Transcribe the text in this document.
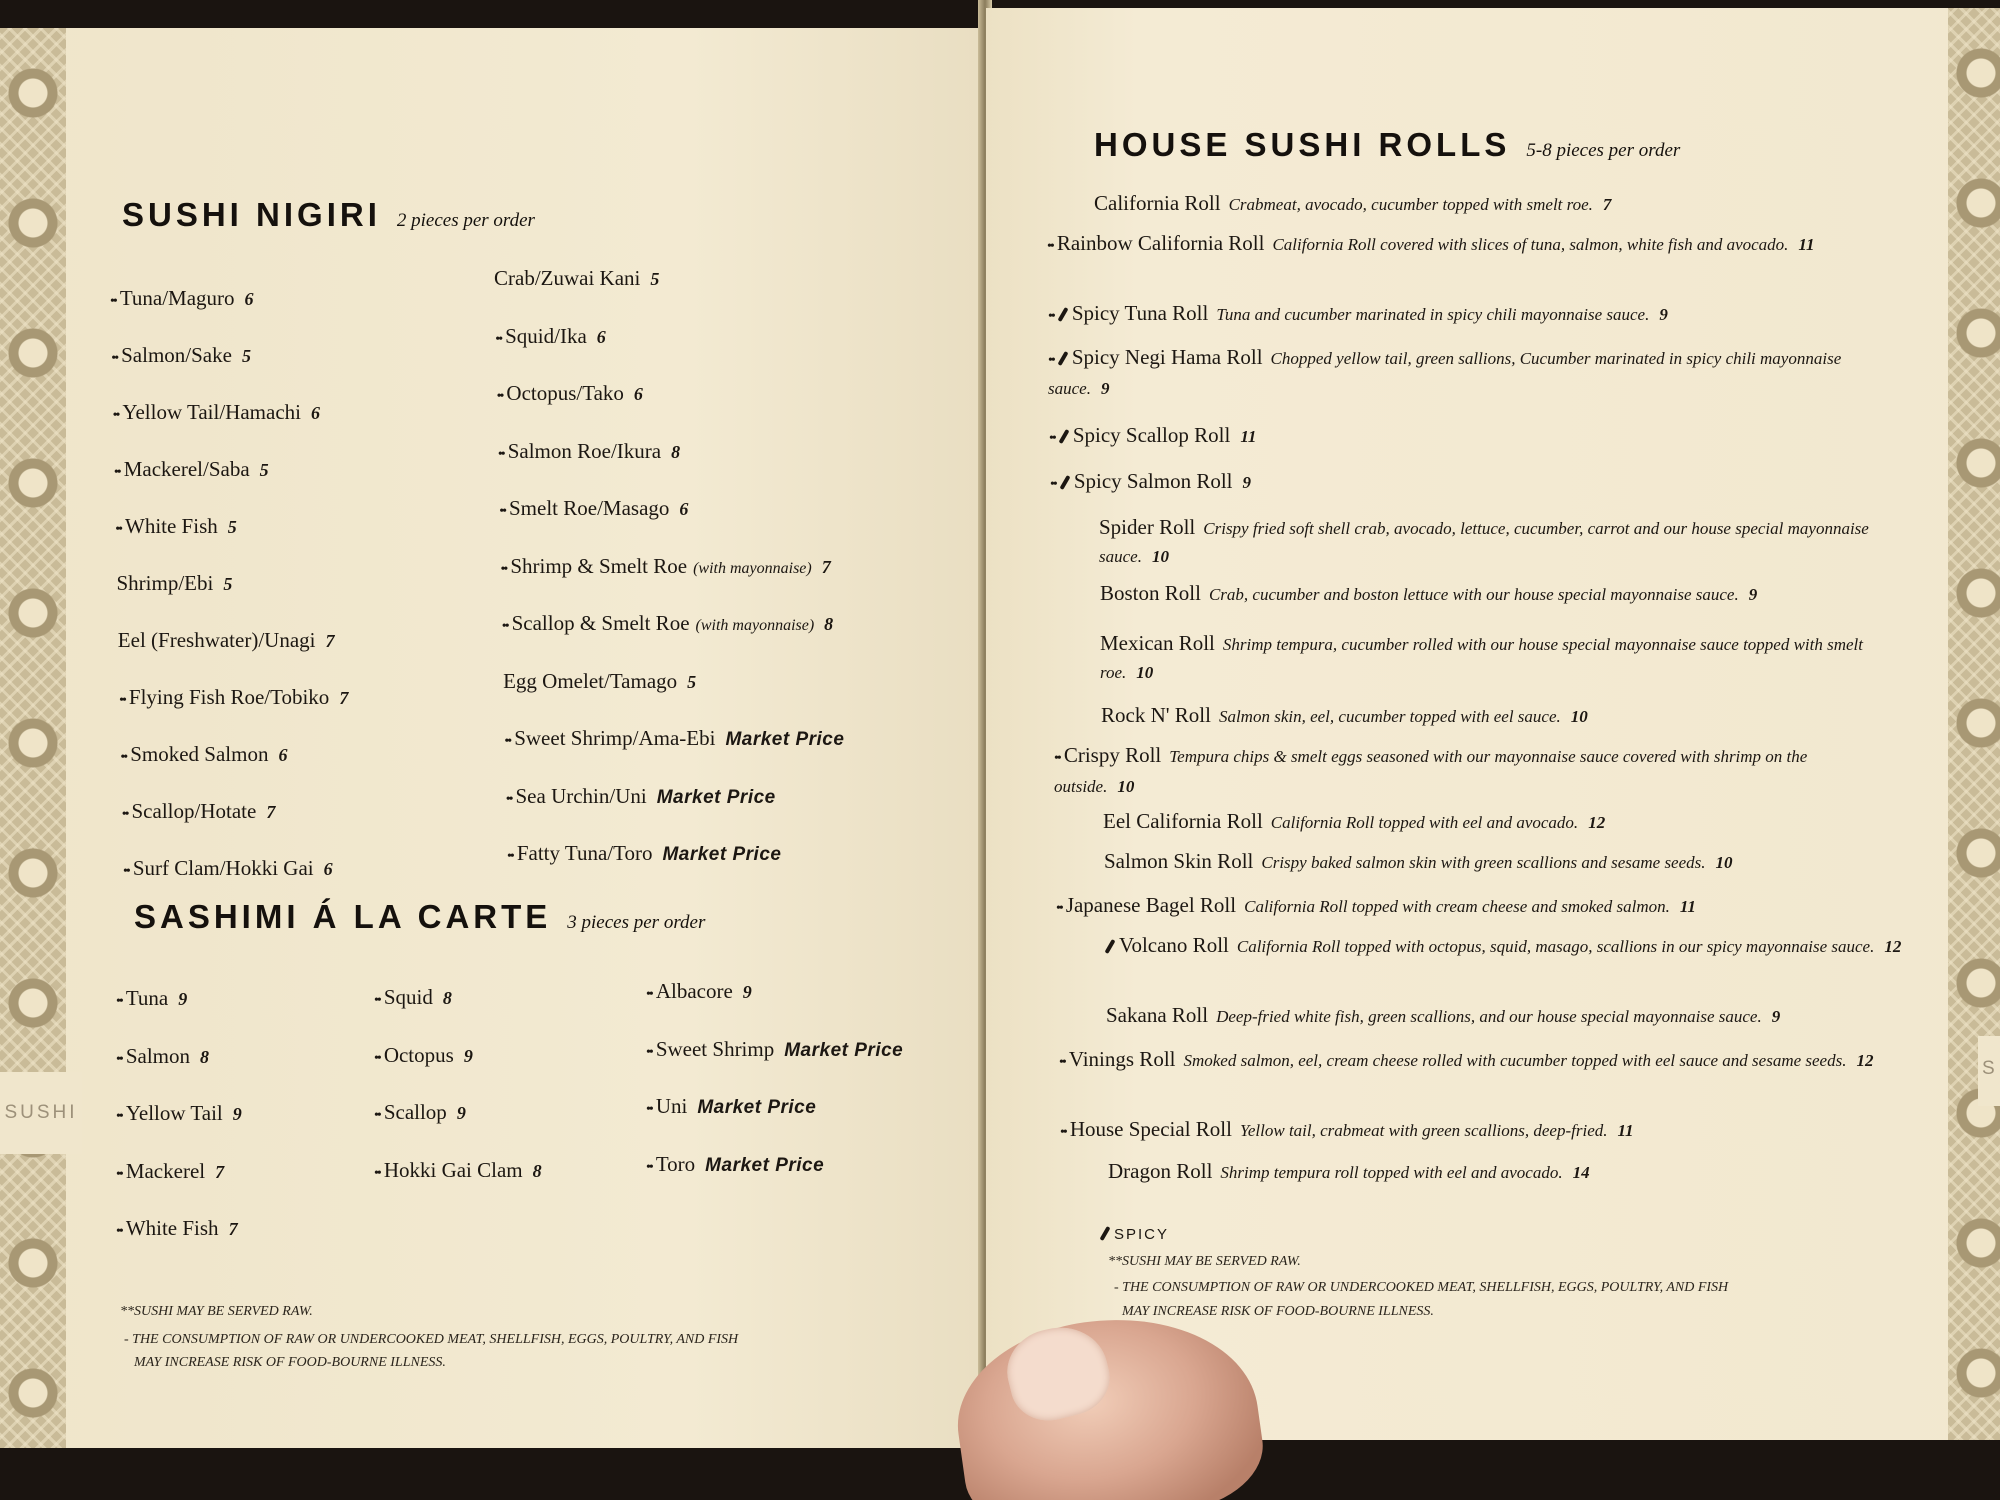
SUSHI
SUSHI NIGIRI 2 pieces per order
•• Tuna/Maguro 6
•• Salmon/Sake 5
•• Yellow Tail/Hamachi 6
•• Mackerel/Saba 5
•• White Fish 5
Shrimp/Ebi 5
Eel (Freshwater)/Unagi 7
•• Flying Fish Roe/Tobiko 7
•• Smoked Salmon 6
•• Scallop/Hotate 7
•• Surf Clam/Hokki Gai 6
Crab/Zuwai Kani 5
•• Squid/Ika 6
•• Octopus/Tako 6
•• Salmon Roe/Ikura 8
•• Smelt Roe/Masago 6
•• Shrimp & Smelt Roe (with mayonnaise) 7
•• Scallop & Smelt Roe (with mayonnaise) 8
Egg Omelet/Tamago 5
•• Sweet Shrimp/Ama-Ebi Market Price
•• Sea Urchin/Uni Market Price
•• Fatty Tuna/Toro Market Price
SASHIMI Á LA CARTE 3 pieces per order
•• Tuna 9
•• Salmon 8
•• Yellow Tail 9
•• Mackerel 7
•• White Fish 7
•• Squid 8
•• Octopus 9
•• Scallop 9
•• Hokki Gai Clam 8
•• Albacore 9
•• Sweet Shrimp Market Price
•• Uni Market Price
•• Toro Market Price
**SUSHI MAY BE SERVED RAW.
- THE CONSUMPTION OF RAW OR UNDERCOOKED MEAT, SHELLFISH, EGGS, POULTRY, AND FISH
MAY INCREASE RISK OF FOOD-BOURNE ILLNESS.
S
HOUSE SUSHI ROLLS 5-8 pieces per order
California Roll Crabmeat, avocado, cucumber topped with smelt roe. 7
•• Rainbow California Roll California Roll covered with slices of tuna, salmon, white fish and avocado. 11
•• Spicy Tuna Roll Tuna and cucumber marinated in spicy chili mayonnaise sauce. 9
•• Spicy Negi Hama Roll Chopped yellow tail, green sallions, Cucumber marinated in spicy chili mayonnaise sauce. 9
•• Spicy Scallop Roll 11
•• Spicy Salmon Roll 9
Spider Roll Crispy fried soft shell crab, avocado, lettuce, cucumber, carrot and our house special mayonnaise sauce. 10
Boston Roll Crab, cucumber and boston lettuce with our house special mayonnaise sauce. 9
Mexican Roll Shrimp tempura, cucumber rolled with our house special mayonnaise sauce topped with smelt roe. 10
Rock N' Roll Salmon skin, eel, cucumber topped with eel sauce. 10
•• Crispy Roll Tempura chips & smelt eggs seasoned with our mayonnaise sauce covered with shrimp on the outside. 10
Eel California Roll California Roll topped with eel and avocado. 12
Salmon Skin Roll Crispy baked salmon skin with green scallions and sesame seeds. 10
•• Japanese Bagel Roll California Roll topped with cream cheese and smoked salmon. 11
Volcano Roll California Roll topped with octopus, squid, masago, scallions in our spicy mayonnaise sauce. 12
Sakana Roll Deep-fried white fish, green scallions, and our house special mayonnaise sauce. 9
•• Vinings Roll Smoked salmon, eel, cream cheese rolled with cucumber topped with eel sauce and sesame seeds. 12
•• House Special Roll Yellow tail, crabmeat with green scallions, deep-fried. 11
Dragon Roll Shrimp tempura roll topped with eel and avocado. 14
SPICY
**SUSHI MAY BE SERVED RAW.
- THE CONSUMPTION OF RAW OR UNDERCOOKED MEAT, SHELLFISH, EGGS, POULTRY, AND FISH
MAY INCREASE RISK OF FOOD-BOURNE ILLNESS.
